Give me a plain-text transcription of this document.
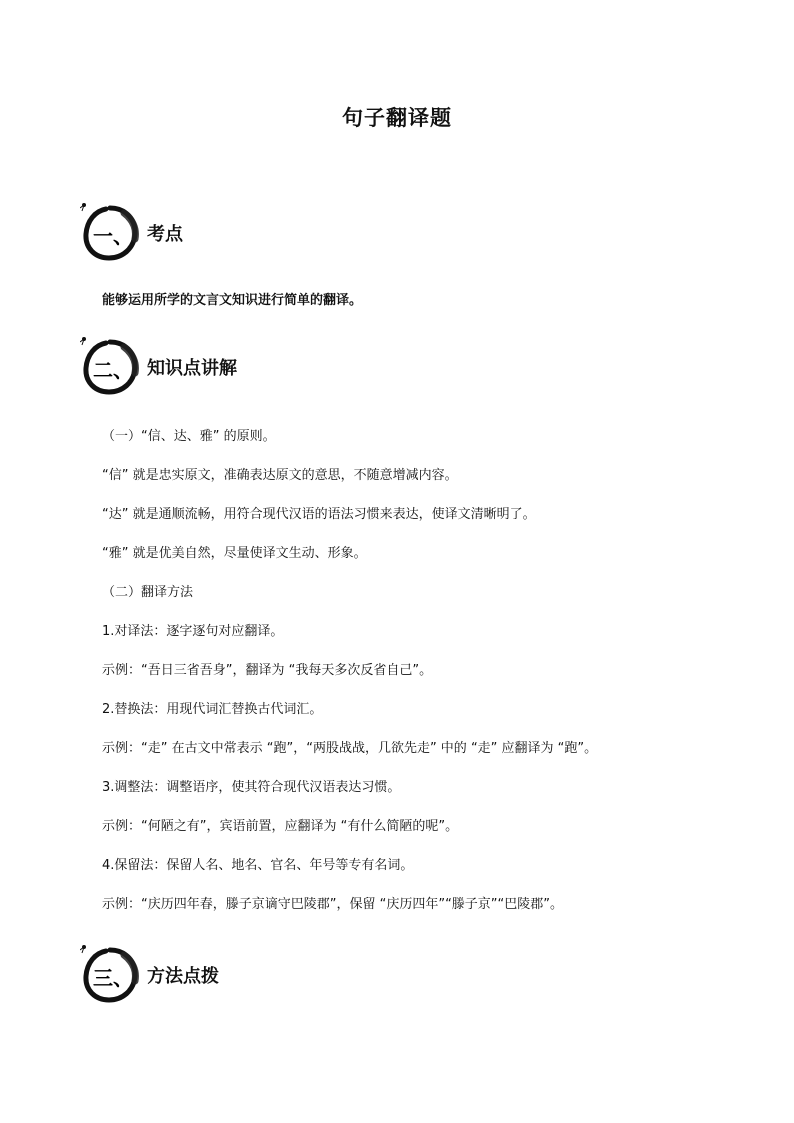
句子翻译题
一、 考点
能够运用所学的文言文知识进行简单的翻译。
二、 知识点讲解
（一）“信、达、雅” 的原则。
“信” 就是忠实原文，准确表达原文的意思，不随意增减内容。
“达” 就是通顺流畅，用符合现代汉语的语法习惯来表达，使译文清晰明了。
“雅” 就是优美自然，尽量使译文生动、形象。
（二）翻译方法
1.对译法：逐字逐句对应翻译。
示例：“吾日三省吾身”，翻译为 “我每天多次反省自己”。
2.替换法：用现代词汇替换古代词汇。
示例：“走” 在古文中常表示 “跑”，“两股战战，几欲先走” 中的 “走” 应翻译为 “跑”。
3.调整法：调整语序，使其符合现代汉语表达习惯。
示例：“何陋之有”，宾语前置，应翻译为 “有什么简陋的呢”。
4.保留法：保留人名、地名、官名、年号等专有名词。
示例：“庆历四年春，滕子京谪守巴陵郡”，保留 “庆历四年”“滕子京”“巴陵郡”。
三、 方法点拨
